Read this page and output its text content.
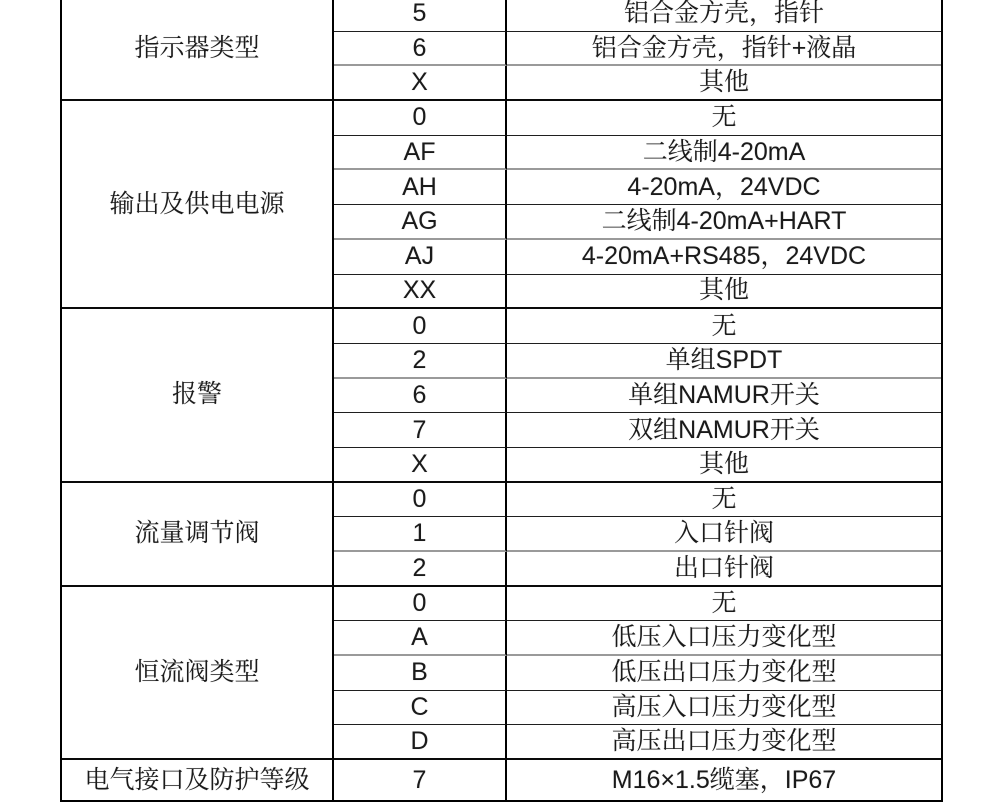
指示器类型
5	铝合金方壳，指针
6	铝合金方壳，指针+液晶
X	其他
输出及供电电源
0	无
AF	二线制4-20mA
AH	4-20mA，24VDC
AG	二线制4-20mA+HART
AJ	4-20mA+RS485，24VDC
XX	其他
报警
0	无
2	单组SPDT
6	单组NAMUR开关
7	双组NAMUR开关
X	其他
流量调节阀
0	无
1	入口针阀
2	出口针阀
恒流阀类型
0	无
A	低压入口压力变化型
B	低压出口压力变化型
C	高压入口压力变化型
D	高压出口压力变化型
电气接口及防护等级	7	M16×1.5缆塞，IP67
